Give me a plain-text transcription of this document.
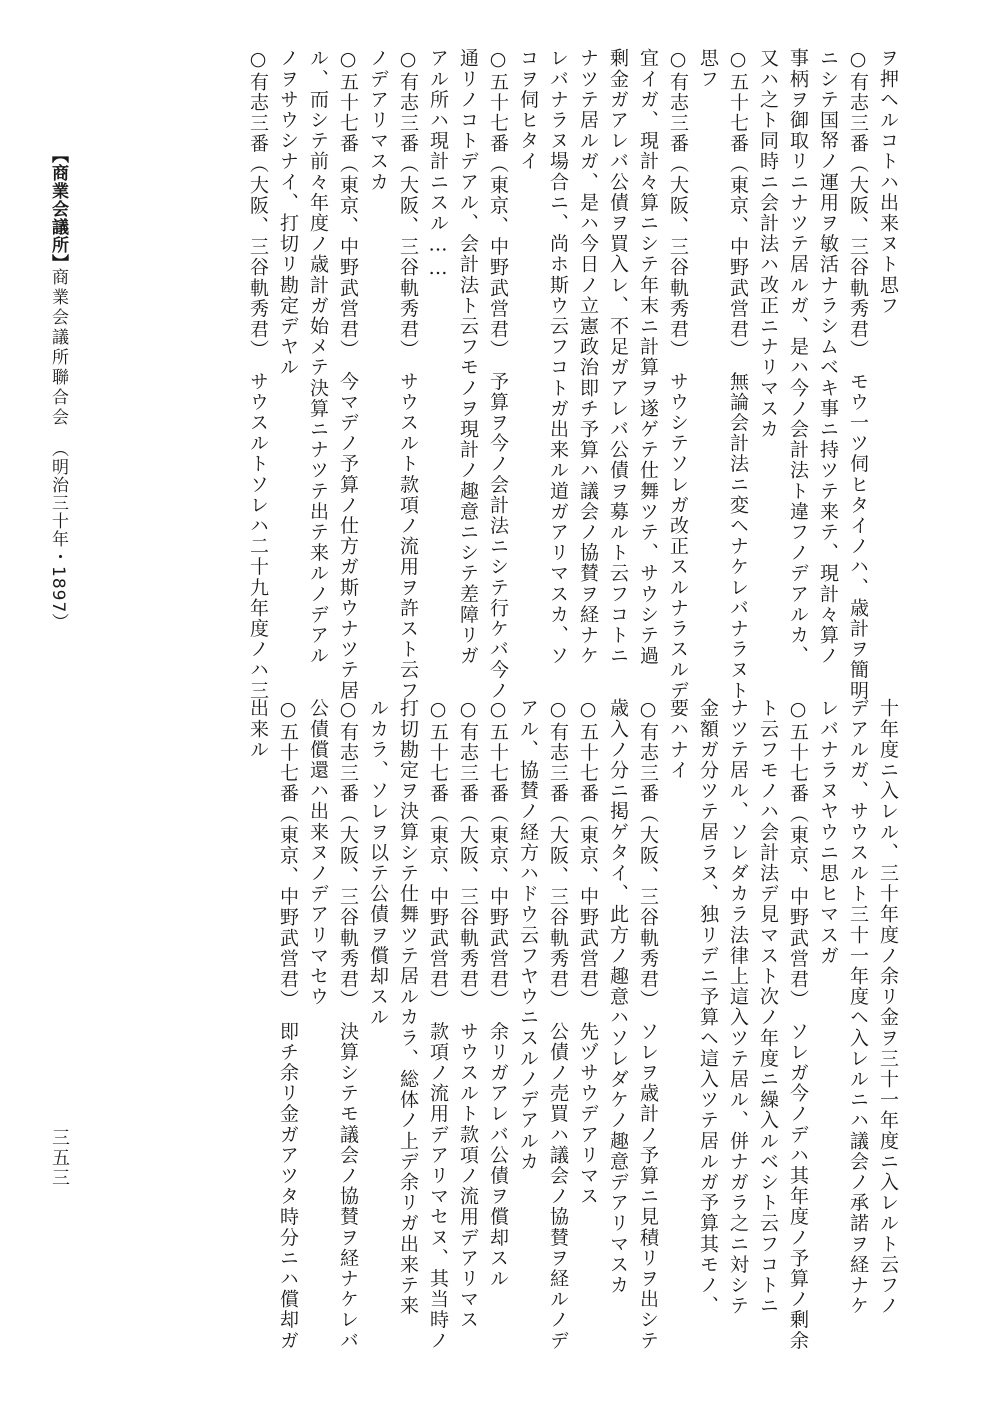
ヲ押ヘルコトハ出来ヌト思フ

○有志三番（大阪、三谷軌秀君）　モウ一ツ伺ヒタイノハ、歳計ヲ簡明

ニシテ国帑ノ運用ヲ敏活ナラシムベキ事ニ持ツテ来テ、現計々算ノ

事柄ヲ御取リニナツテ居ルガ、是ハ今ノ会計法ト違フノデアルカ、

又ハ之ト同時ニ会計法ハ改正ニナリマスカ

○五十七番（東京、中野武営君）　無論会計法ニ変ヘナケレバナラヌト

思フ

○有志三番（大阪、三谷軌秀君）　サウシテソレガ改正スルナラスルデ

宜イガ、現計々算ニシテ年末ニ計算ヲ遂ゲテ仕舞ツテ、サウシテ過

剰金ガアレバ公債ヲ買入レ、不足ガアレバ公債ヲ募ルト云フコトニ

ナツテ居ルガ、是ハ今日ノ立憲政治即チ予算ハ議会ノ協賛ヲ経ナケ

レバナラヌ場合ニ、尚ホ斯ウ云フコトガ出来ル道ガアリマスカ、ソ

コヲ伺ヒタイ

○五十七番（東京、中野武営君）　予算ヲ今ノ会計法ニシテ行ケバ今ノ

通リノコトデアル、会計法ト云フモノヲ現計ノ趣意ニシテ差障リガ

アル所ハ現計ニスル……

○有志三番（大阪、三谷軌秀君）　サウスルト款項ノ流用ヲ許スト云フ

ノデアリマスカ

○五十七番（東京、中野武営君）　今マデノ予算ノ仕方ガ斯ウナツテ居

ル、而シテ前々年度ノ歳計ガ始メテ決算ニナツテ出テ来ルノデアル

ノヲサウシナイ、打切リ勘定デヤル

○有志三番（大阪、三谷軌秀君）　サウスルトソレハ二十九年度ノハ三

十年度ニ入レル、三十年度ノ余リ金ヲ三十一年度ニ入レルト云フノ

デアルガ、サウスルト三十一年度ヘ入レルニハ議会ノ承諾ヲ経ナケ

レバナラヌヤウニ思ヒマスガ

○五十七番（東京、中野武営君）　ソレガ今ノデハ其年度ノ予算ノ剰余

ト云フモノハ会計法デ見マスト次ノ年度ニ繰入ルベシト云フコトニ

ナツテ居ル、ソレダカラ法律上這入ツテ居ル、併ナガラ之ニ対シテ

金額ガ分ツテ居ラヌ、独リデニ予算ヘ這入ツテ居ルガ予算其モノ、

要ハナイ

○有志三番（大阪、三谷軌秀君）　ソレヲ歳計ノ予算ニ見積リヲ出シテ

歳入ノ分ニ掲ゲタイ、此方ノ趣意ハソレダケノ趣意デアリマスカ

○五十七番（東京、中野武営君）　先ヅサウデアリマス

○有志三番（大阪、三谷軌秀君）　公債ノ売買ハ議会ノ協賛ヲ経ルノデ

アル、協賛ノ経方ハドウ云フヤウニスルノデアルカ

○五十七番（東京、中野武営君）　余リガアレバ公債ヲ償却スル

○有志三番（大阪、三谷軌秀君）　サウスルト款項ノ流用デアリマス

○五十七番（東京、中野武営君）　款項ノ流用デアリマセヌ、其当時ノ

打切勘定ヲ決算シテ仕舞ツテ居ルカラ、総体ノ上デ余リガ出来テ来

ルカラ、ソレヲ以テ公債ヲ償却スル

○有志三番（大阪、三谷軌秀君）　決算シテモ議会ノ協賛ヲ経ナケレバ

公債償還ハ出来ヌノデアリマセウ

○五十七番（東京、中野武営君）　即チ余リ金ガアツタ時分ニハ償却ガ

出来ル

【商業会議所】
商業会議所聯合会
（明治三十年・1897）
三五三
